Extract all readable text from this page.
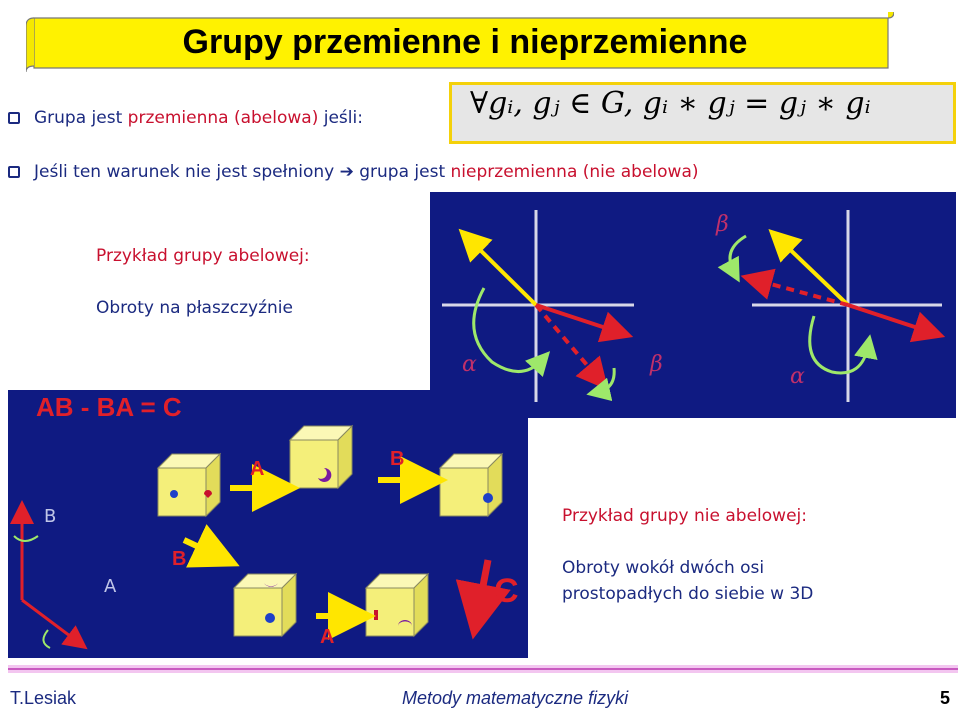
Grupy przemienne i nieprzemienne
Grupa jest przemienna (abelowa) jeśli:	∀gᵢ, gⱼ ∈ G, gᵢ ∗ gⱼ = gⱼ ∗ gᵢ
Jeśli ten warunek nie jest spełniony ➔ grupa jest nieprzemienna (nie abelowa)
Przykład grupy abelowej:
Obroty na płaszczyźnie
α	β
β
α
AB - BA = C
A	B
B
A
C
B
A
Przykład grupy nie abelowej:
Obroty wokół dwóch osi
prostopadłych do siebie w 3D
T.Lesiak	Metody matematyczne fizyki	5
